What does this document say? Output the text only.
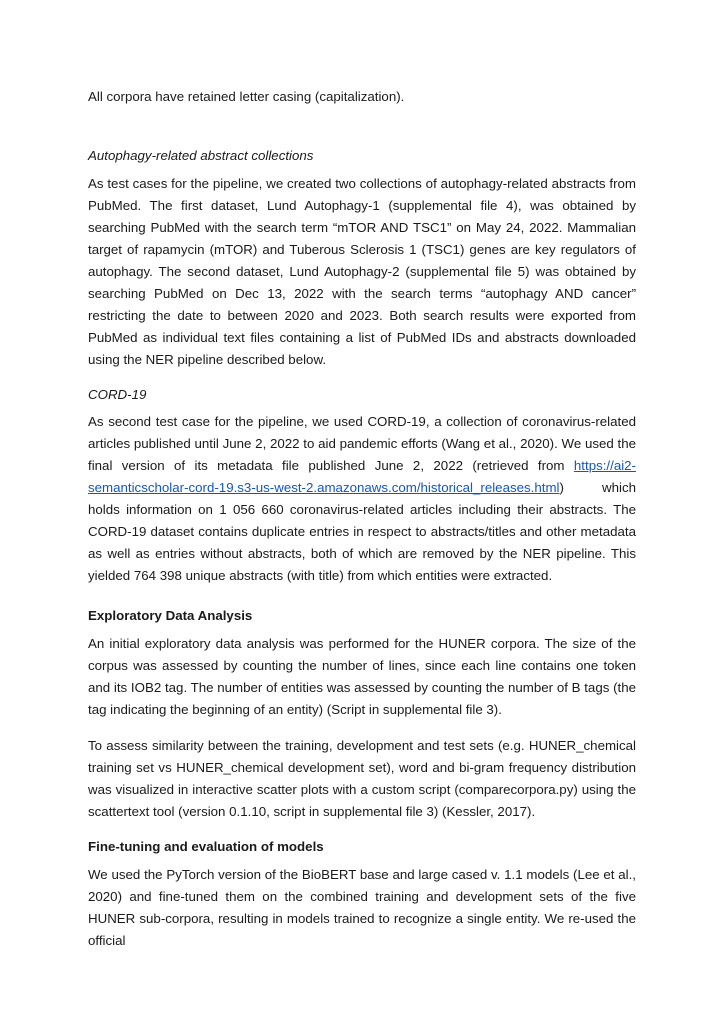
All corpora have retained letter casing (capitalization).

Autophagy-related abstract collections

As test cases for the pipeline, we created two collections of autophagy-related abstracts from PubMed. The first dataset, Lund Autophagy-1 (supplemental file 4), was obtained by searching PubMed with the search term “mTOR AND TSC1” on May 24, 2022. Mammalian target of rapamycin (mTOR) and Tuberous Sclerosis 1 (TSC1) genes are key regulators of autophagy. The second dataset, Lund Autophagy-2 (supplemental file 5) was obtained by searching PubMed on Dec 13, 2022 with the search terms “autophagy AND cancer” restricting the date to between 2020 and 2023. Both search results were exported from PubMed as individual text files containing a list of PubMed IDs and abstracts downloaded using the NER pipeline described below.

CORD-19

As second test case for the pipeline, we used CORD-19, a collection of coronavirus-related articles published until June 2, 2022 to aid pandemic efforts (Wang et al., 2020). We used the final version of its metadata file published June 2, 2022 (retrieved from https://ai2-semanticscholar-cord-19.s3-us-west-2.amazonaws.com/historical_releases.html) which holds information on 1 056 660 coronavirus-related articles including their abstracts. The CORD-19 dataset contains duplicate entries in respect to abstracts/titles and other metadata as well as entries without abstracts, both of which are removed by the NER pipeline. This yielded 764 398 unique abstracts (with title) from which entities were extracted.

Exploratory Data Analysis

An initial exploratory data analysis was performed for the HUNER corpora. The size of the corpus was assessed by counting the number of lines, since each line contains one token and its IOB2 tag. The number of entities was assessed by counting the number of B tags (the tag indicating the beginning of an entity) (Script in supplemental file 3).

To assess similarity between the training, development and test sets (e.g. HUNER_chemical training set vs HUNER_chemical development set), word and bi-gram frequency distribution was visualized in interactive scatter plots with a custom script (comparecorpora.py) using the scattertext tool (version 0.1.10, script in supplemental file 3) (Kessler, 2017).

Fine-tuning and evaluation of models

We used the PyTorch version of the BioBERT base and large cased v. 1.1 models (Lee et al., 2020) and fine-tuned them on the combined training and development sets of the five HUNER sub-corpora, resulting in models trained to recognize a single entity. We re-used the official
